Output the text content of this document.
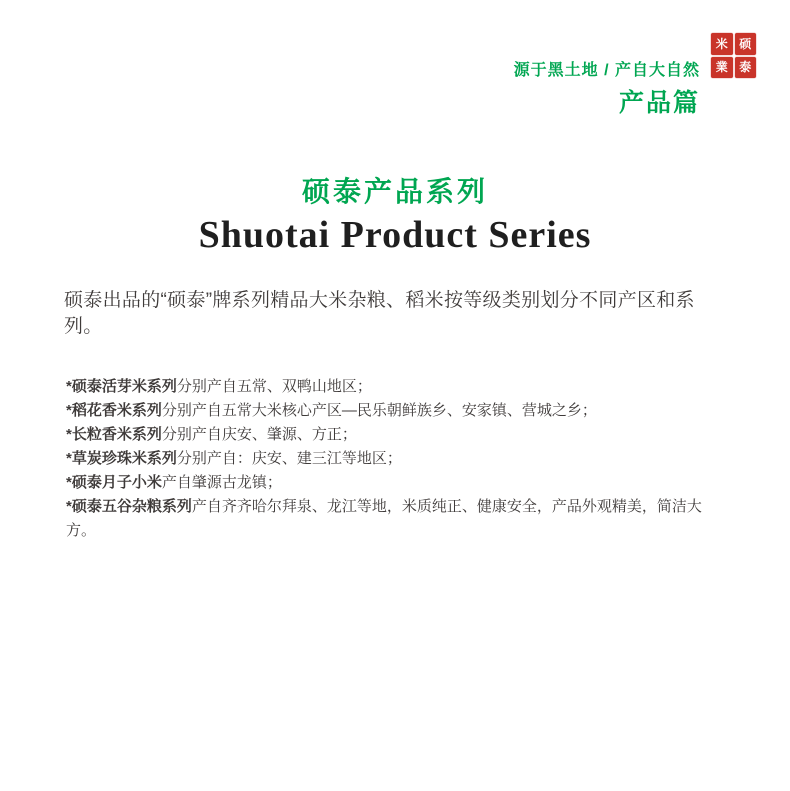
源于黑土地 / 产自大自然
产品篇
米 硕
業 泰
硕泰产品系列
Shuotai Product Series

硕泰出品的“硕泰”牌系列精品大米杂粮、稻米按等级类别划分不同产区和系列。

*硕泰活芽米系列分别产自五常、双鸭山地区；
*稻花香米系列分别产自五常大米核心产区—民乐朝鲜族乡、安家镇、营城之乡；
*长粒香米系列分别产自庆安、肇源、方正；
*草炭珍珠米系列分别产自：庆安、建三江等地区；
*硕泰月子小米产自肇源古龙镇；
*硕泰五谷杂粮系列产自齐齐哈尔拜泉、龙江等地，米质纯正、健康安全，产品外观精美，简洁大方。
